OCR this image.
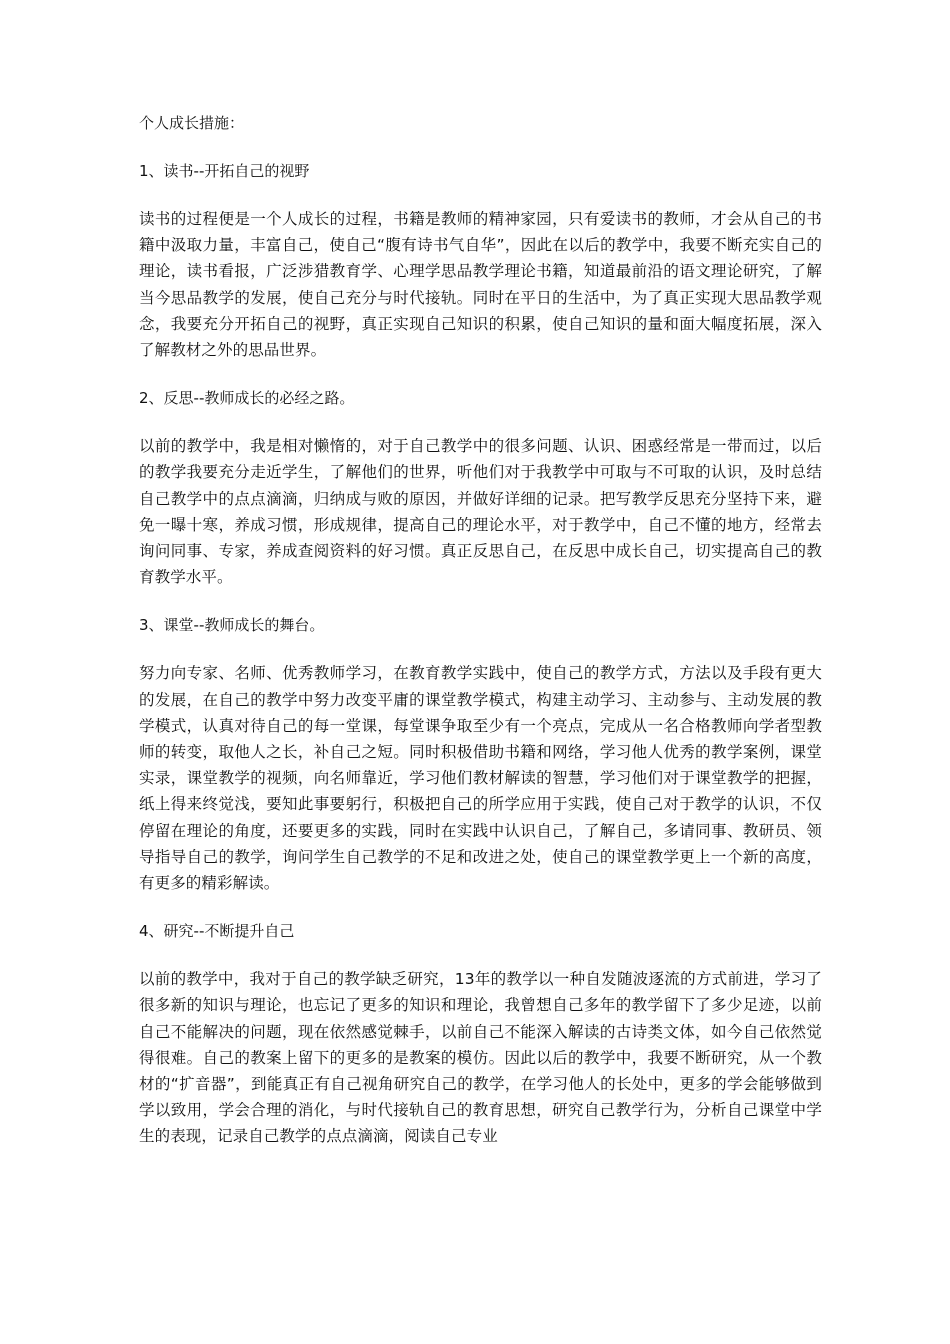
个人成长措施：

1、读书--开拓自己的视野

读书的过程便是一个人成长的过程，书籍是教师的精神家园，只有爱读书的教师，才会从自己的书籍中汲取力量，丰富自己，使自己“腹有诗书气自华”，因此在以后的教学中，我要不断充实自己的理论，读书看报，广泛涉猎教育学、心理学思品教学理论书籍，知道最前沿的语文理论研究，了解当今思品教学的发展，使自己充分与时代接轨。同时在平日的生活中，为了真正实现大思品教学观念，我要充分开拓自己的视野，真正实现自己知识的积累，使自己知识的量和面大幅度拓展，深入了解教材之外的思品世界。

2、反思--教师成长的必经之路。

以前的教学中，我是相对懒惰的，对于自己教学中的很多问题、认识、困惑经常是一带而过，以后的教学我要充分走近学生，了解他们的世界，听他们对于我教学中可取与不可取的认识，及时总结自己教学中的点点滴滴，归纳成与败的原因，并做好详细的记录。把写教学反思充分坚持下来，避免一曝十寒，养成习惯，形成规律，提高自己的理论水平，对于教学中，自己不懂的地方，经常去询问同事、专家，养成查阅资料的好习惯。真正反思自己，在反思中成长自己，切实提高自己的教育教学水平。

3、课堂--教师成长的舞台。

努力向专家、名师、优秀教师学习，在教育教学实践中，使自己的教学方式，方法以及手段有更大的发展，在自己的教学中努力改变平庸的课堂教学模式，构建主动学习、主动参与、主动发展的教学模式，认真对待自己的每一堂课，每堂课争取至少有一个亮点，完成从一名合格教师向学者型教师的转变，取他人之长，补自己之短。同时积极借助书籍和网络，学习他人优秀的教学案例，课堂实录，课堂教学的视频，向名师靠近，学习他们教材解读的智慧，学习他们对于课堂教学的把握，纸上得来终觉浅，要知此事要躬行，积极把自己的所学应用于实践，使自己对于教学的认识，不仅停留在理论的角度，还要更多的实践，同时在实践中认识自己，了解自己，多请同事、教研员、领导指导自己的教学，询问学生自己教学的不足和改进之处，使自己的课堂教学更上一个新的高度，有更多的精彩解读。

4、研究--不断提升自己

以前的教学中，我对于自己的教学缺乏研究，13年的教学以一种自发随波逐流的方式前进，学习了很多新的知识与理论，也忘记了更多的知识和理论，我曾想自己多年的教学留下了多少足迹，以前自己不能解决的问题，现在依然感觉棘手，以前自己不能深入解读的古诗类文体，如今自己依然觉得很难。自己的教案上留下的更多的是教案的模仿。因此以后的教学中，我要不断研究，从一个教材的“扩音器”，到能真正有自己视角研究自己的教学，在学习他人的长处中，更多的学会能够做到学以致用，学会合理的消化，与时代接轨自己的教育思想，研究自己教学行为，分析自己课堂中学生的表现，记录自己教学的点点滴滴，阅读自己专业
